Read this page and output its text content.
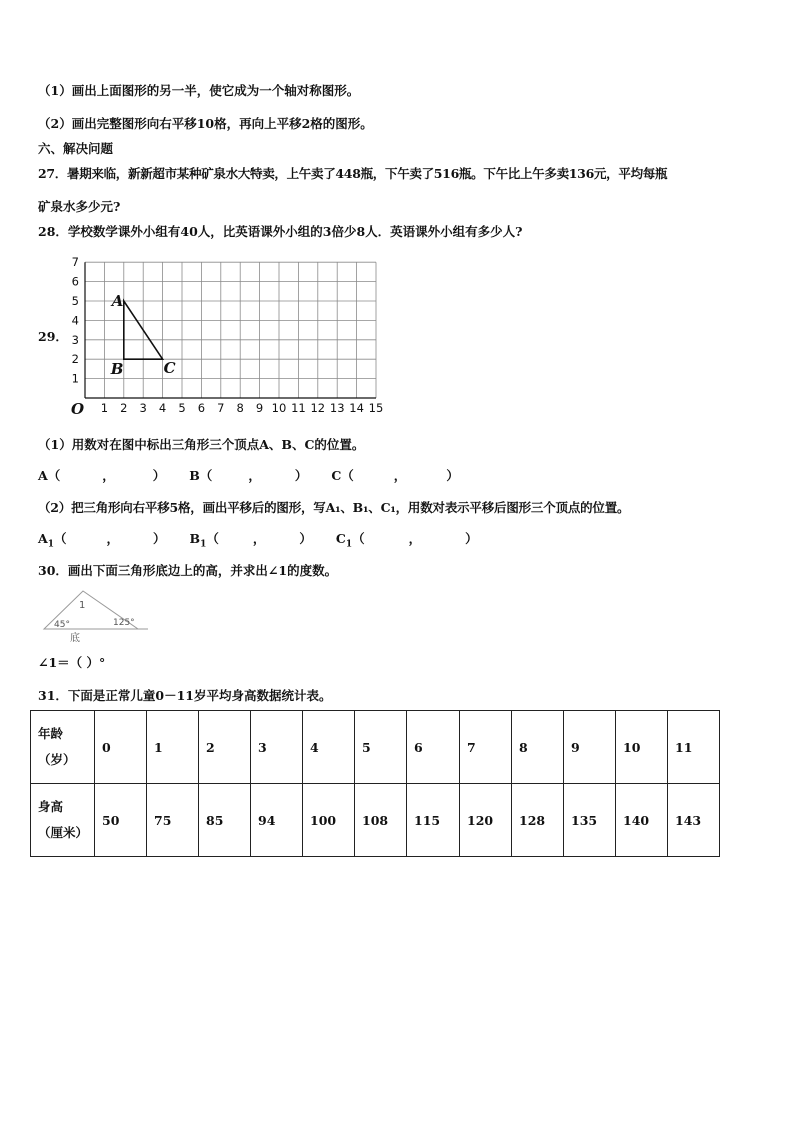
（1）画出上面图形的另一半，使它成为一个轴对称图形。
（2）画出完整图形向右平移10格，再向上平移2格的图形。
六、解决问题
27．暑期来临，新新超市某种矿泉水大特卖，上午卖了448瓶，下午卖了516瓶。下午比上午多卖136元，平均每瓶
矿泉水多少元?
28．学校数学课外小组有40人，比英语课外小组的3倍少8人．英语课外小组有多少人?
29．
1 2 3 4 5 6 7 8 9 10 11 12 13 14 15
1
2
3
4
5
6
7
O
A
B	C
（1）用数对在图中标出三角形三个顶点A、B、C的位置。
A（	，	） B（	，	） C（	，	）
（2）把三角形向右平移5格，画出平移后的图形，写A₁、B₁、C₁，用数对表示平移后图形三个顶点的位置。
$A_1$（	，	） $B_1$（	，	） $C_1$（	，	）
30．画出下面三角形底边上的高，并求出∠1的度数。
1
45°	125°
底
∠1＝（ ）°
31．下面是正常儿童0－11岁平均身高数据统计表。
年龄
（岁）	0	1	2	3	4	5	6	7	8	9	10	11
身高
（厘米）	50	75	85	94	100	108	115	120	128	135	140	143
